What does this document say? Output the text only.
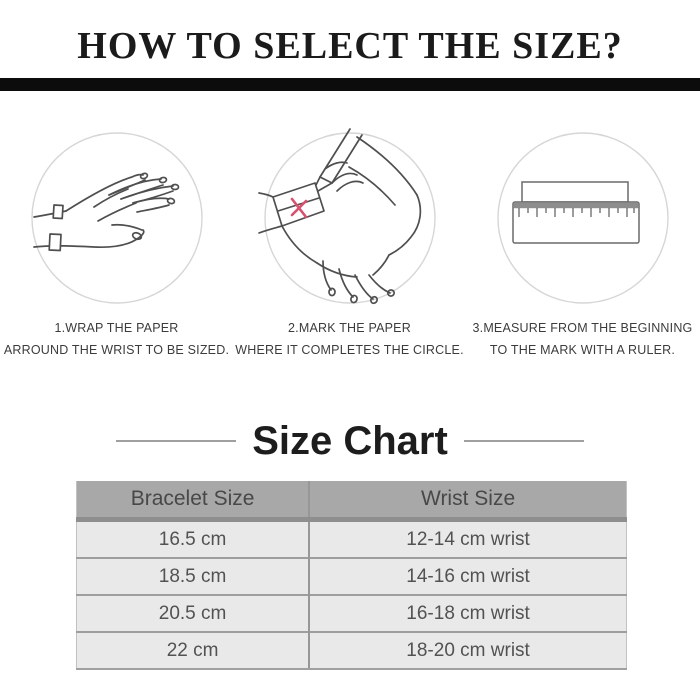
HOW TO SELECT THE SIZE?
1.WRAP THE PAPER
ARROUND THE WRIST TO BE SIZED.
2.MARK THE PAPER
WHERE IT COMPLETES THE CIRCLE.
3.MEASURE FROM THE BEGINNING
TO THE MARK WITH A RULER.
Size Chart
Bracelet Size	Wrist Size
16.5 cm	12-14 cm wrist
18.5 cm	14-16 cm wrist
20.5 cm	16-18 cm wrist
22 cm	18-20 cm wrist
